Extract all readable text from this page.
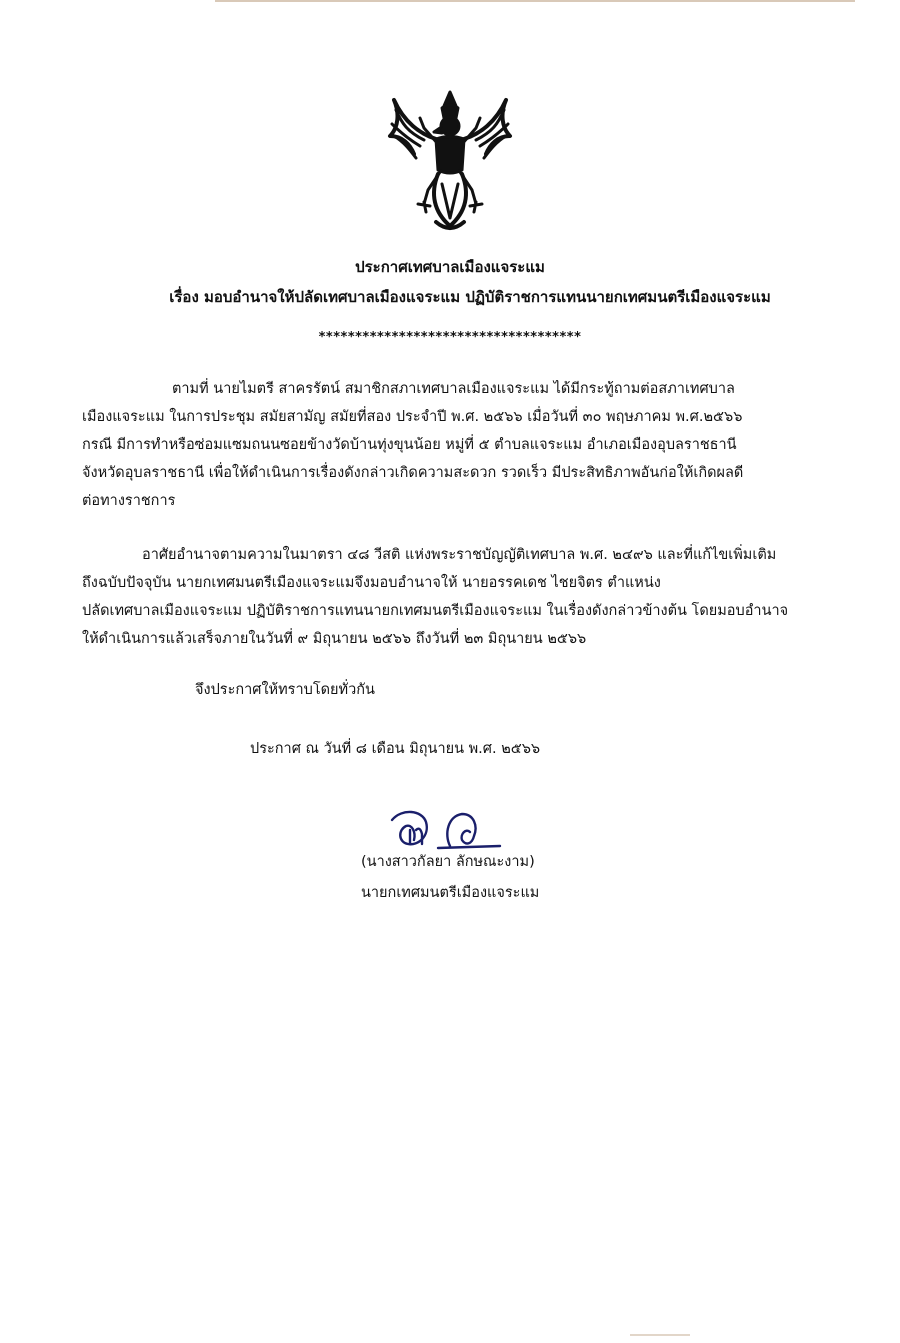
ประกาศเทศบาลเมืองแจระแม
เรื่อง มอบอำนาจให้ปลัดเทศบาลเมืองแจระแม ปฏิบัติราชการแทนนายกเทศมนตรีเมืองแจระแม
************************************

ตามที่ นายไมตรี สาครรัตน์ สมาชิกสภาเทศบาลเมืองแจระแม ได้มีกระทู้ถามต่อสภาเทศบาล

เมืองแจระแม ในการประชุม สมัยสามัญ สมัยที่สอง ประจำปี พ.ศ. ๒๕๖๖ เมื่อวันที่ ๓๐ พฤษภาคม พ.ศ.๒๕๖๖

กรณี มีการทำหรือซ่อมแซมถนนซอยข้างวัดบ้านทุ่งขุนน้อย หมู่ที่ ๕ ตำบลแจระแม อำเภอเมืองอุบลราชธานี

จังหวัดอุบลราชธานี เพื่อให้ดำเนินการเรื่องดังกล่าวเกิดความสะดวก รวดเร็ว มีประสิทธิภาพอันก่อให้เกิดผลดี

ต่อทางราชการ

อาศัยอำนาจตามความในมาตรา ๔๘ วีสติ แห่งพระราชบัญญัติเทศบาล พ.ศ. ๒๔๙๖ และที่แก้ไขเพิ่มเติม

ถึงฉบับปัจจุบัน นายกเทศมนตรีเมืองแจระแมจึงมอบอำนาจให้ นายอรรคเดช ไชยจิตร ตำแหน่ง

ปลัดเทศบาลเมืองแจระแม ปฏิบัติราชการแทนนายกเทศมนตรีเมืองแจระแม ในเรื่องดังกล่าวข้างต้น โดยมอบอำนาจ

ให้ดำเนินการแล้วเสร็จภายในวันที่ ๙ มิถุนายน ๒๕๖๖ ถึงวันที่ ๒๓ มิถุนายน ๒๕๖๖

จึงประกาศให้ทราบโดยทั่วกัน
ประกาศ ณ วันที่ ๘ เดือน มิถุนายน พ.ศ. ๒๕๖๖
(นางสาวกัลยา ลักษณะงาม)
นายกเทศมนตรีเมืองแจระแม
